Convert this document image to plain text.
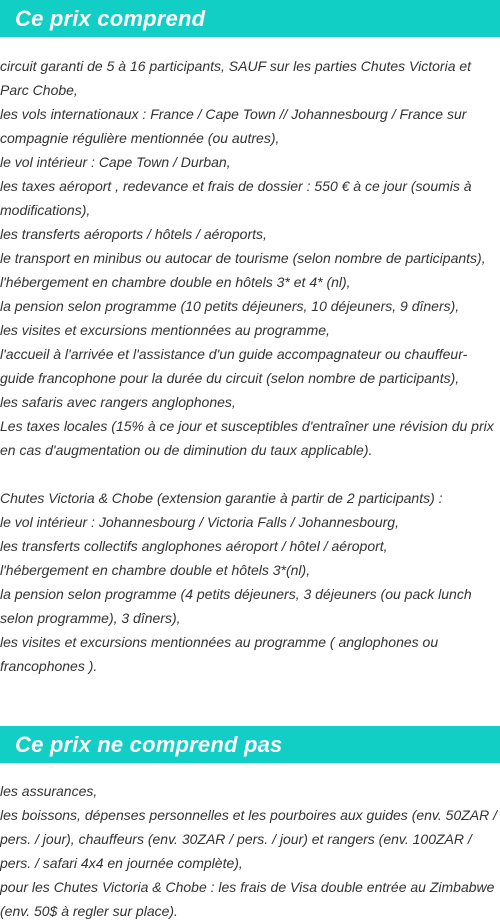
Ce prix comprend
circuit garanti de 5 à 16 participants, SAUF sur les parties Chutes Victoria et Parc Chobe,
les vols internationaux : France / Cape Town // Johannesbourg / France sur compagnie régulière mentionnée (ou autres),
le vol intérieur : Cape Town / Durban,
les taxes aéroport , redevance et frais de dossier : 550 € à ce jour (soumis à modifications),
les transferts aéroports / hôtels / aéroports,
le transport en minibus ou autocar de tourisme (selon nombre de participants),
l'hébergement en chambre double en hôtels 3* et 4* (nl),
la pension selon programme (10 petits déjeuners, 10 déjeuners, 9 dîners),
les visites et excursions mentionnées au programme,
l'accueil à l'arrivée et l'assistance d'un guide accompagnateur ou chauffeur-guide francophone pour la durée du circuit (selon nombre de participants),
les safaris avec rangers anglophones,
Les taxes locales (15% à ce jour et susceptibles d'entraîner une révision du prix en cas d'augmentation ou de diminution du taux applicable).
Chutes Victoria & Chobe (extension garantie à partir de 2 participants) :
le vol intérieur : Johannesbourg / Victoria Falls / Johannesbourg,
les transferts collectifs anglophones aéroport / hôtel / aéroport,
l'hébergement en chambre double et hôtels 3*(nl),
la pension selon programme (4 petits déjeuners, 3 déjeuners (ou pack lunch selon programme), 3 dîners),
les visites et excursions mentionnées au programme ( anglophones ou francophones ).
Ce prix ne comprend pas
les assurances,
les boissons, dépenses personnelles et les pourboires aux guides (env. 50ZAR / pers. / jour), chauffeurs (env. 30ZAR / pers. / jour) et rangers (env. 100ZAR / pers. / safari 4x4 en journée complète),
pour les Chutes Victoria & Chobe : les frais de Visa double entrée au Zimbabwe (env. 50$ à regler sur place).
